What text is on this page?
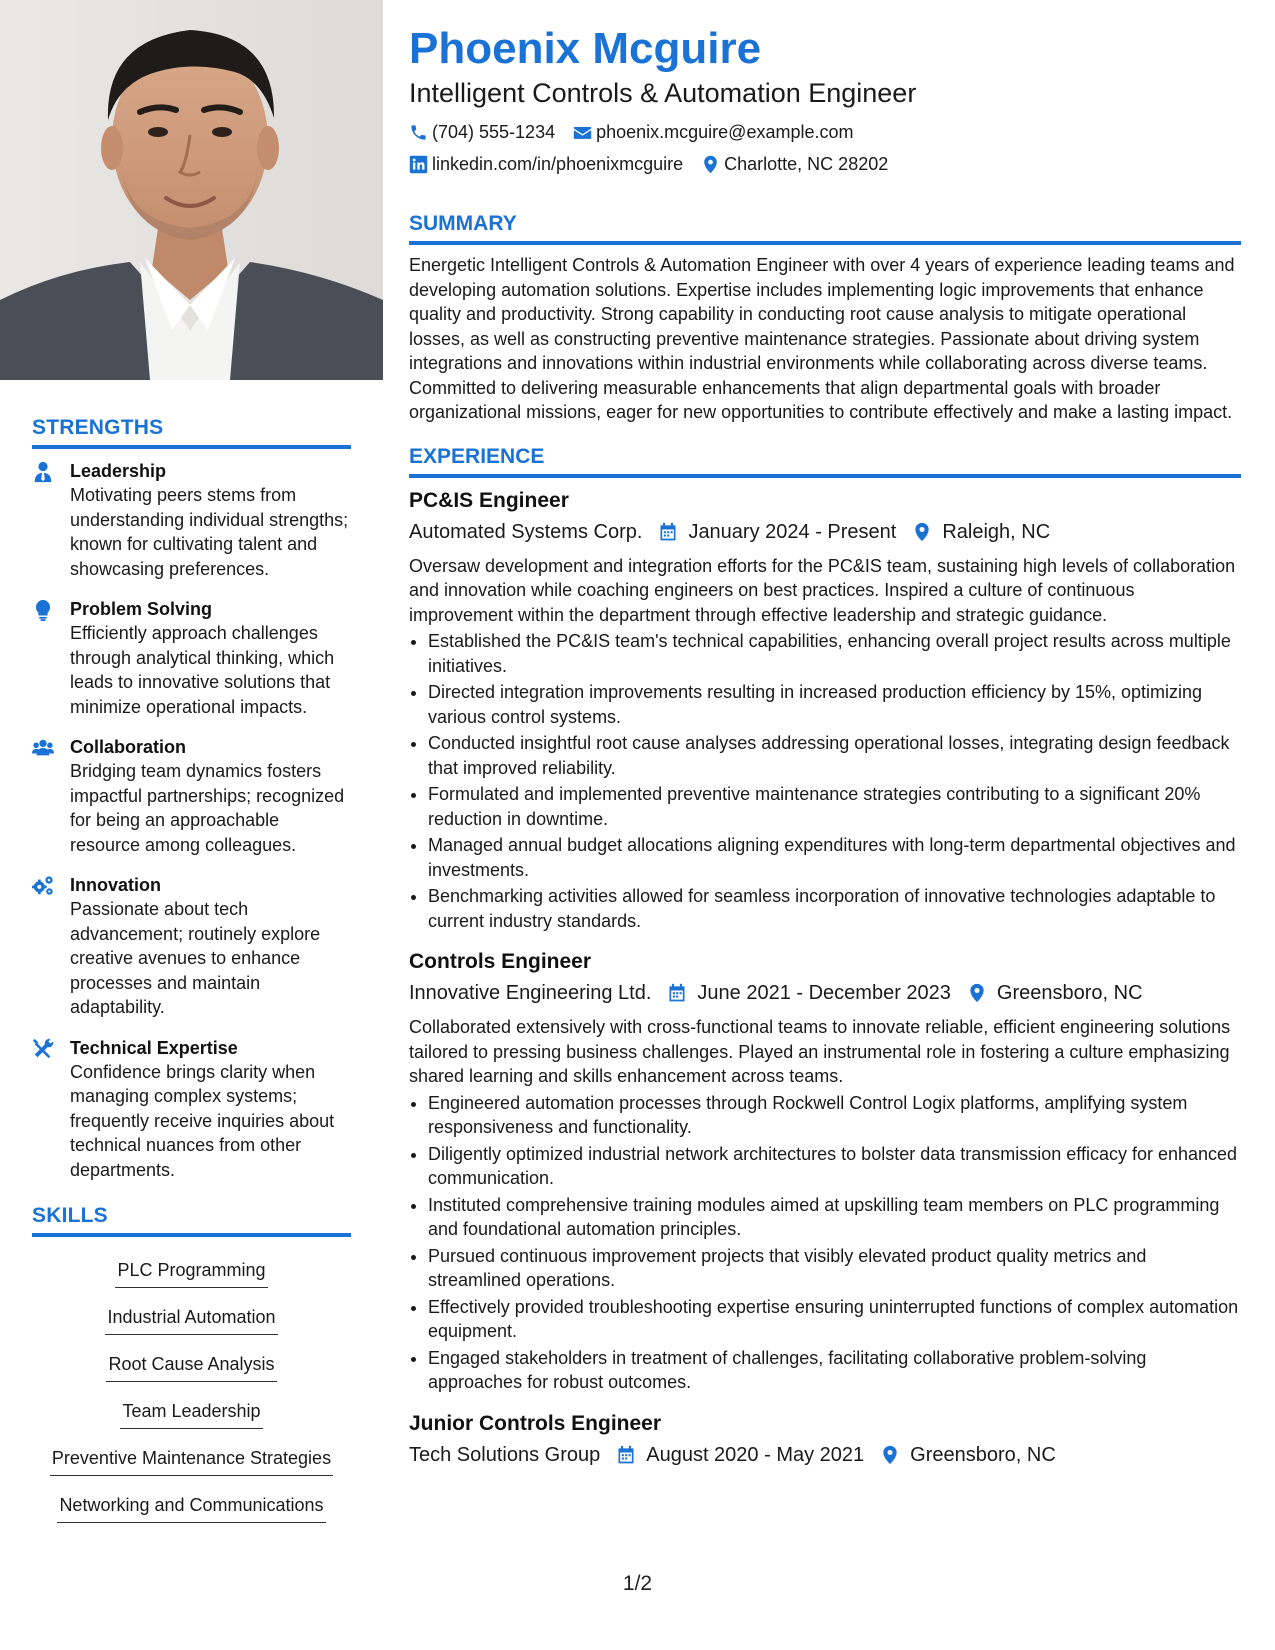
STRENGTHS
Leadership
Motivating peers stems from understanding individual strengths; known for cultivating talent and showcasing preferences.
Problem Solving
Efficiently approach challenges through analytical thinking, which leads to innovative solutions that minimize operational impacts.
Collaboration
Bridging team dynamics fosters impactful partnerships; recognized for being an approachable resource among colleagues.
Innovation
Passionate about tech advancement; routinely explore creative avenues to enhance processes and maintain adaptability.
Technical Expertise
Confidence brings clarity when managing complex systems; frequently receive inquiries about technical nuances from other departments.
SKILLS
PLC Programming
Industrial Automation
Root Cause Analysis
Team Leadership
Preventive Maintenance Strategies
Networking and Communications
Phoenix Mcguire
Intelligent Controls & Automation Engineer
(704) 555-1234 phoenix.mcguire@example.com
linkedin.com/in/phoenixmcguire Charlotte, NC 28202
SUMMARY

Energetic Intelligent Controls & Automation Engineer with over 4 years of experience leading teams and developing automation solutions. Expertise includes implementing logic improvements that enhance quality and productivity. Strong capability in conducting root cause analysis to mitigate operational losses, as well as constructing preventive maintenance strategies. Passionate about driving system integrations and innovations within industrial environments while collaborating across diverse teams. Committed to delivering measurable enhancements that align departmental goals with broader organizational missions, eager for new opportunities to contribute effectively and make a lasting impact.

EXPERIENCE
PC&IS Engineer
Automated Systems Corp. January 2024 - Present Raleigh, NC

Oversaw development and integration efforts for the PC&IS team, sustaining high levels of collaboration and innovation while coaching engineers on best practices. Inspired a culture of continuous improvement within the department through effective leadership and strategic guidance.

• Established the PC&IS team's technical capabilities, enhancing overall project results across multiple initiatives.
• Directed integration improvements resulting in increased production efficiency by 15%, optimizing various control systems.
• Conducted insightful root cause analyses addressing operational losses, integrating design feedback that improved reliability.
• Formulated and implemented preventive maintenance strategies contributing to a significant 20% reduction in downtime.
• Managed annual budget allocations aligning expenditures with long-term departmental objectives and investments.
• Benchmarking activities allowed for seamless incorporation of innovative technologies adaptable to current industry standards.
Controls Engineer
Innovative Engineering Ltd. June 2021 - December 2023 Greensboro, NC

Collaborated extensively with cross-functional teams to innovate reliable, efficient engineering solutions tailored to pressing business challenges. Played an instrumental role in fostering a culture emphasizing shared learning and skills enhancement across teams.

• Engineered automation processes through Rockwell Control Logix platforms, amplifying system responsiveness and functionality.
• Diligently optimized industrial network architectures to bolster data transmission efficacy for enhanced communication.
• Instituted comprehensive training modules aimed at upskilling team members on PLC programming and foundational automation principles.
• Pursued continuous improvement projects that visibly elevated product quality metrics and streamlined operations.
• Effectively provided troubleshooting expertise ensuring uninterrupted functions of complex automation equipment.
• Engaged stakeholders in treatment of challenges, facilitating collaborative problem-solving approaches for robust outcomes.
Junior Controls Engineer
Tech Solutions Group August 2020 - May 2021 Greensboro, NC
1/2
